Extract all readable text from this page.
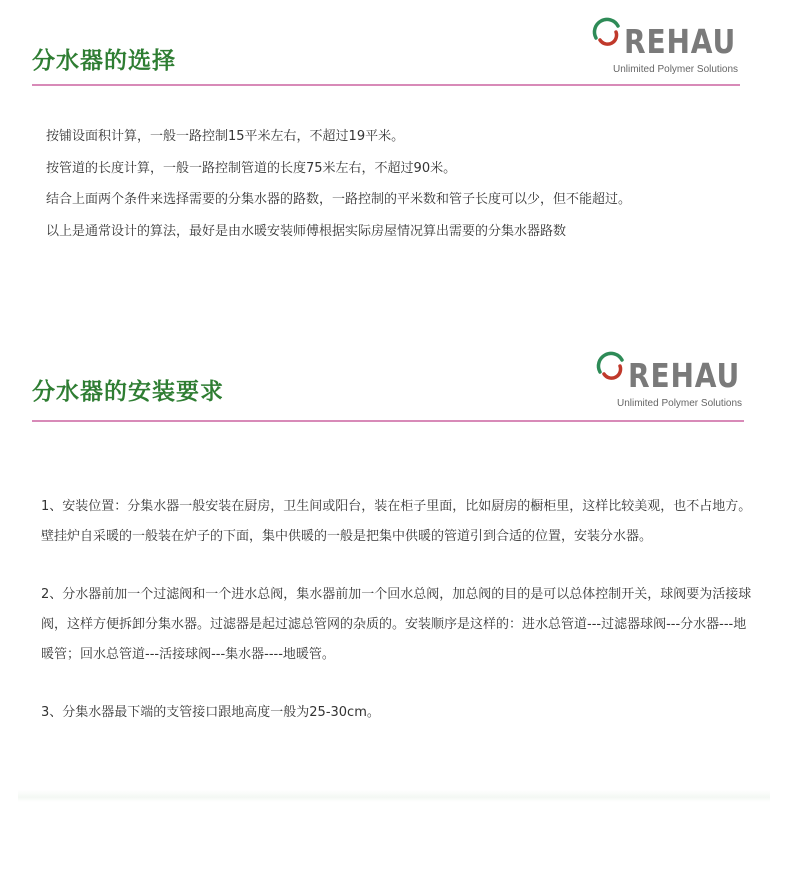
分水器的选择	REHAU
Unlimited Polymer Solutions

按铺设面积计算，一般一路控制15平米左右，不超过19平米。

按管道的长度计算，一般一路控制管道的长度75米左右，不超过90米。

结合上面两个条件来选择需要的分集水器的路数，一路控制的平米数和管子长度可以少，但不能超过。

以上是通常设计的算法，最好是由水暖安装师傅根据实际房屋情况算出需要的分集水器路数

分水器的安装要求	REHAU
Unlimited Polymer Solutions

1、安装位置：分集水器一般安装在厨房，卫生间或阳台，装在柜子里面，比如厨房的橱柜里，这样比较美观，也不占地方。壁挂炉自采暖的一般装在炉子的下面，集中供暖的一般是把集中供暖的管道引到合适的位置，安装分水器。

2、分水器前加一个过滤阀和一个进水总阀，集水器前加一个回水总阀，加总阀的目的是可以总体控制开关，球阀要为活接球阀，这样方便拆卸分集水器。过滤器是起过滤总管网的杂质的。安装顺序是这样的：进水总管道---过滤器球阀---分水器---地暖管；回水总管道---活接球阀---集水器----地暖管。

3、分集水器最下端的支管接口跟地高度一般为25-30cm。
